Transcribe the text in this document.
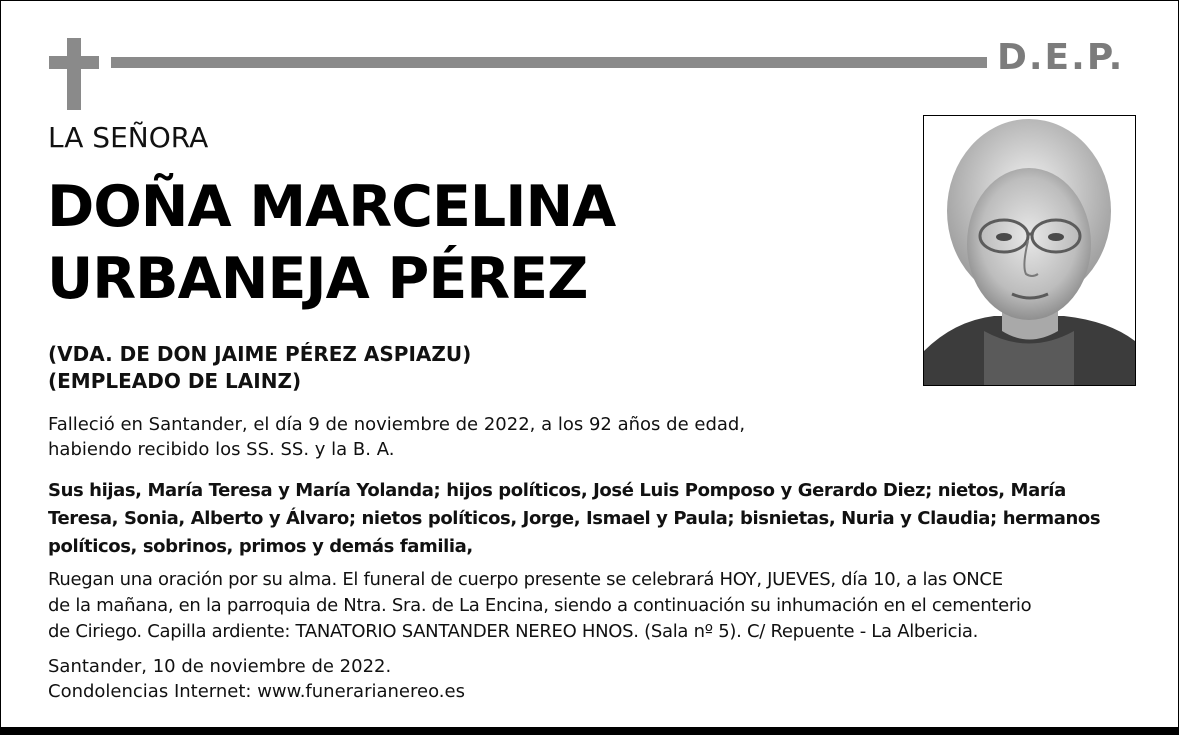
D.E.P.
LA SEÑORA
DOÑA MARCELINA
URBANEJA PÉREZ
(VDA. DE DON JAIME PÉREZ ASPIAZU)
(EMPLEADO DE LAINZ)
Falleció en Santander, el día 9 de noviembre de 2022, a los 92 años de edad,
habiendo recibido los SS. SS. y la B. A.
Sus hijas, María Teresa y María Yolanda; hijos políticos, José Luis Pomposo y Gerardo Diez; nietos, María
Teresa, Sonia, Alberto y Álvaro; nietos políticos, Jorge, Ismael y Paula; bisnietas, Nuria y Claudia; hermanos
políticos, sobrinos, primos y demás familia,
Ruegan una oración por su alma. El funeral de cuerpo presente se celebrará HOY, JUEVES, día 10, a las ONCE
de la mañana, en la parroquia de Ntra. Sra. de La Encina, siendo a continuación su inhumación en el cementerio
de Ciriego. Capilla ardiente: TANATORIO SANTANDER NEREO HNOS. (Sala nº 5). C/ Repuente - La Albericia.
Santander, 10 de noviembre de 2022.
Condolencias Internet: www.funerarianereo.es
